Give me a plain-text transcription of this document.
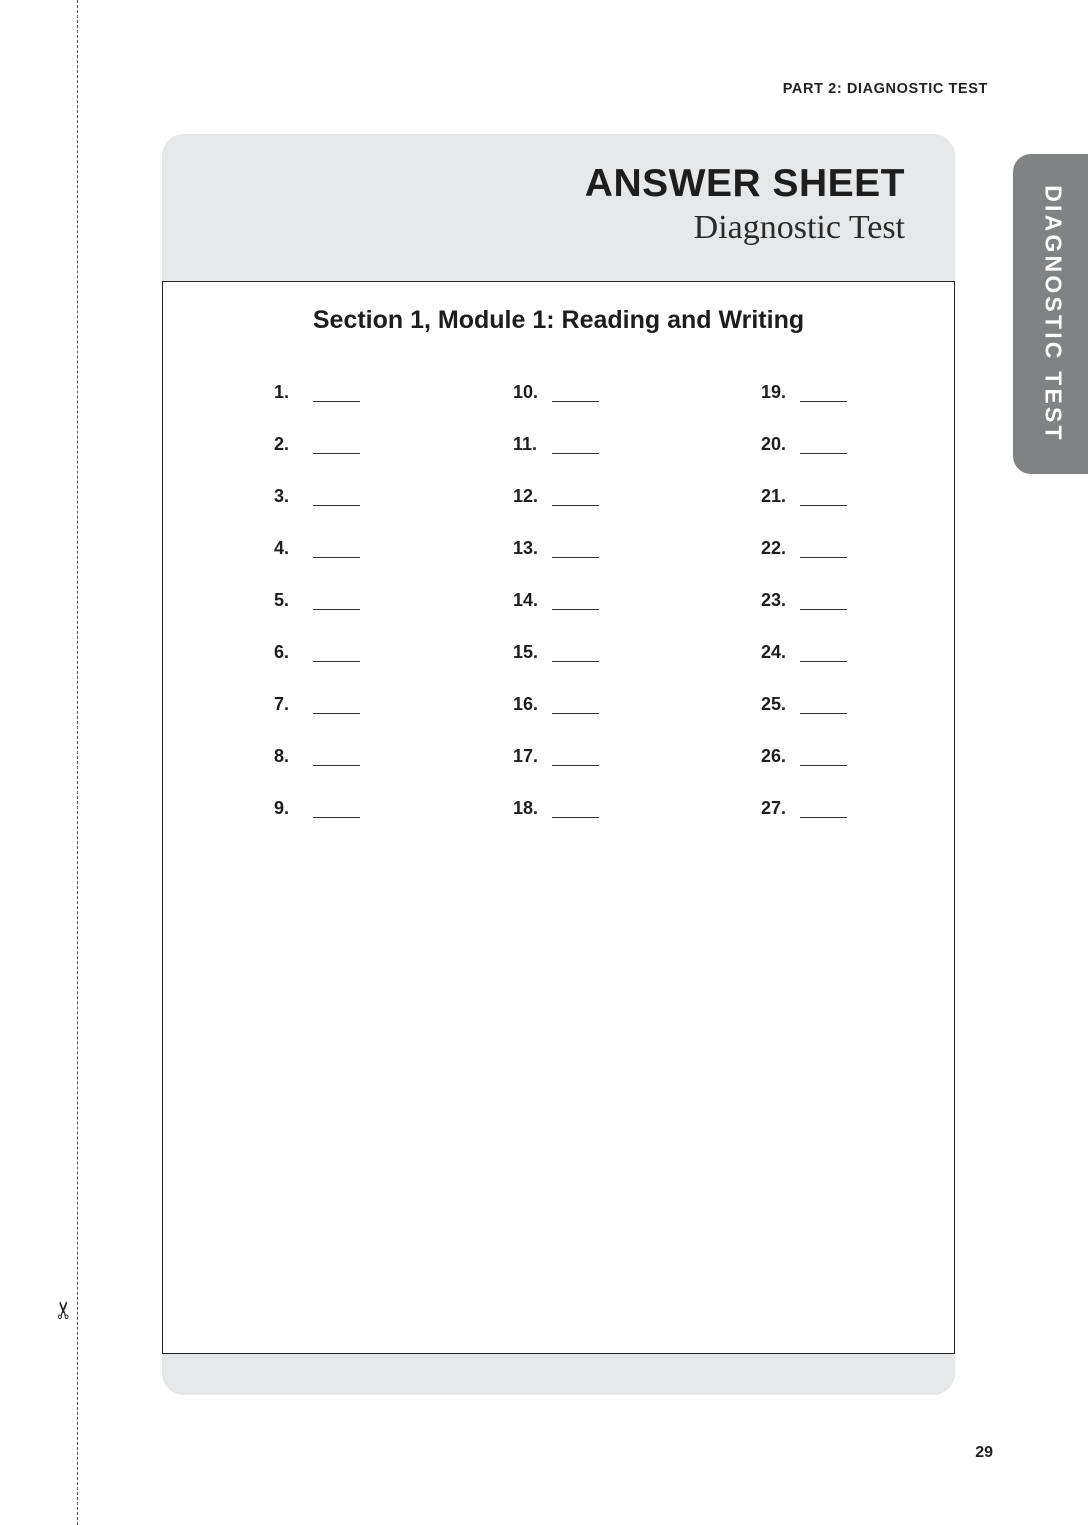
✂
PART 2: DIAGNOSTIC TEST
DIAGNOSTIC TEST
ANSWER SHEET
Diagnostic Test
Section 1, Module 1: Reading and Writing
1.
2.
3.
4.
5.
6.
7.
8.
9.
10.
11.
12.
13.
14.
15.
16.
17.
18.
19.
20.
21.
22.
23.
24.
25.
26.
27.
29
